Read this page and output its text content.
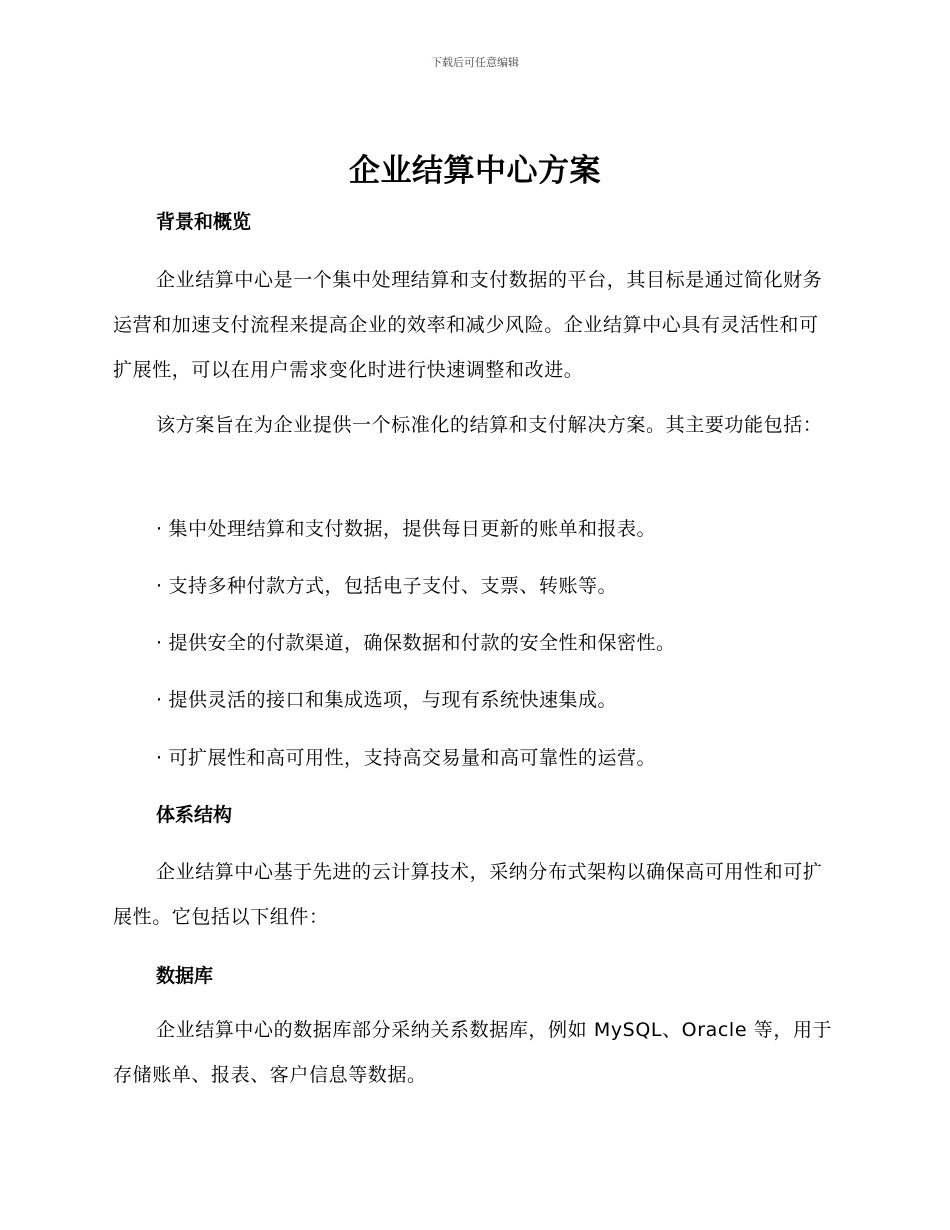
下载后可任意编辑
企业结算中心方案
背景和概览
企业结算中心是一个集中处理结算和支付数据的平台，其目标是通过简化财务运营和加速支付流程来提高企业的效率和减少风险。企业结算中心具有灵活性和可扩展性，可以在用户需求变化时进行快速调整和改进。
该方案旨在为企业提供一个标准化的结算和支付解决方案。其主要功能包括：
· 集中处理结算和支付数据，提供每日更新的账单和报表。
· 支持多种付款方式，包括电子支付、支票、转账等。
· 提供安全的付款渠道，确保数据和付款的安全性和保密性。
· 提供灵活的接口和集成选项，与现有系统快速集成。
· 可扩展性和高可用性，支持高交易量和高可靠性的运营。
体系结构
企业结算中心基于先进的云计算技术，采纳分布式架构以确保高可用性和可扩展性。它包括以下组件：
数据库
企业结算中心的数据库部分采纳关系数据库，例如 MySQL、Oracle 等，用于存储账单、报表、客户信息等数据。
